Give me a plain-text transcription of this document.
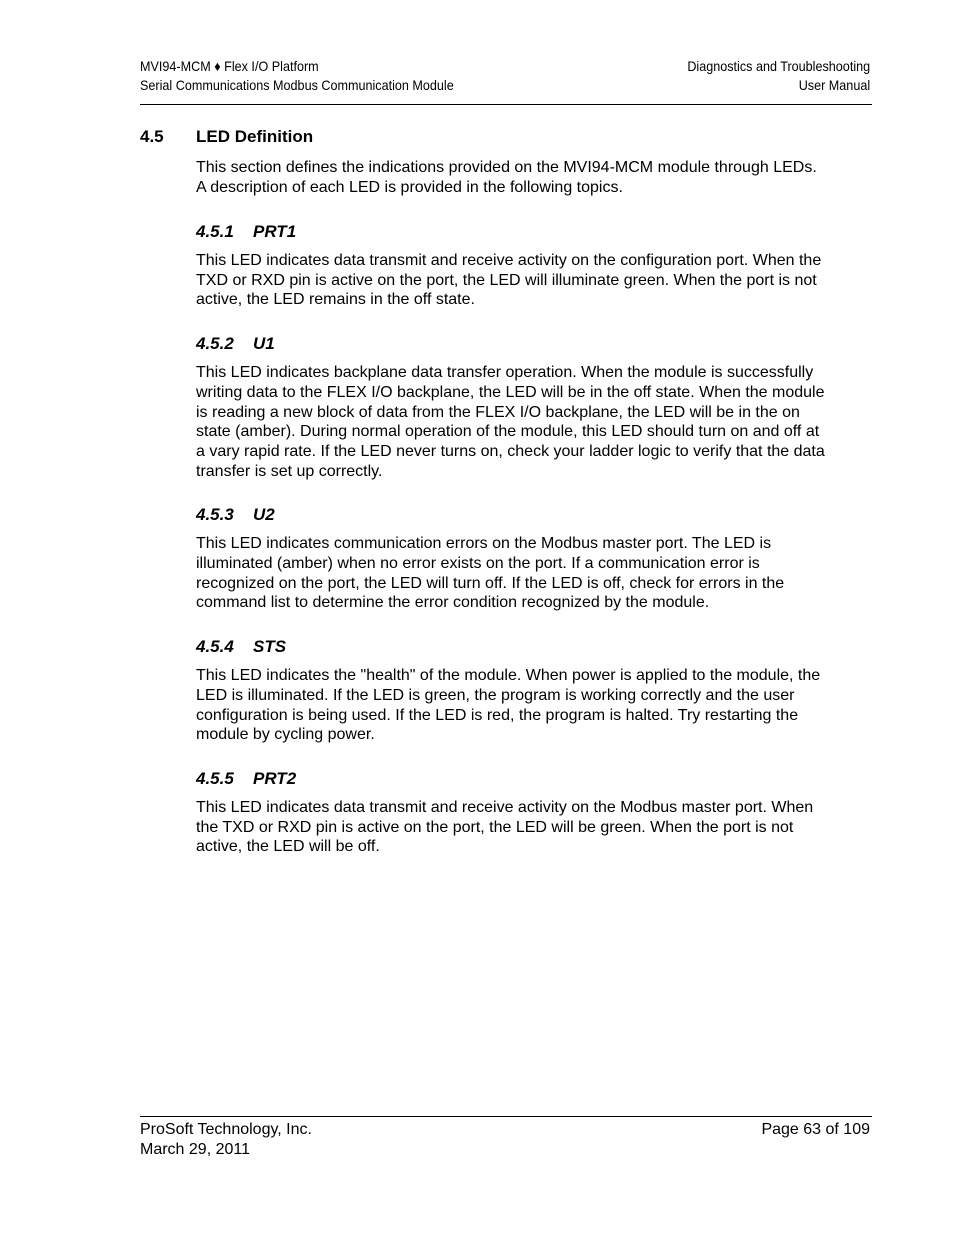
MVI94-MCM ♦ Flex I/O Platform
Serial Communications Modbus Communication Module
Diagnostics and Troubleshooting
User Manual
4.5 LED Definition

This section defines the indications provided on the MVI94-MCM module through LEDs. A description of each LED is provided in the following topics.

4.5.1 PRT1

This LED indicates data transmit and receive activity on the configuration port. When the TXD or RXD pin is active on the port, the LED will illuminate green. When the port is not active, the LED remains in the off state.

4.5.2 U1

This LED indicates backplane data transfer operation. When the module is successfully writing data to the FLEX I/O backplane, the LED will be in the off state. When the module is reading a new block of data from the FLEX I/O backplane, the LED will be in the on state (amber). During normal operation of the module, this LED should turn on and off at a vary rapid rate. If the LED never turns on, check your ladder logic to verify that the data transfer is set up correctly.

4.5.3 U2

This LED indicates communication errors on the Modbus master port. The LED is illuminated (amber) when no error exists on the port. If a communication error is recognized on the port, the LED will turn off. If the LED is off, check for errors in the command list to determine the error condition recognized by the module.

4.5.4 STS

This LED indicates the "health" of the module. When power is applied to the module, the LED is illuminated. If the LED is green, the program is working correctly and the user configuration is being used. If the LED is red, the program is halted. Try restarting the module by cycling power.

4.5.5 PRT2

This LED indicates data transmit and receive activity on the Modbus master port. When the TXD or RXD pin is active on the port, the LED will be green. When the port is not active, the LED will be off.

ProSoft Technology, Inc.
March 29, 2011
Page 63 of 109
